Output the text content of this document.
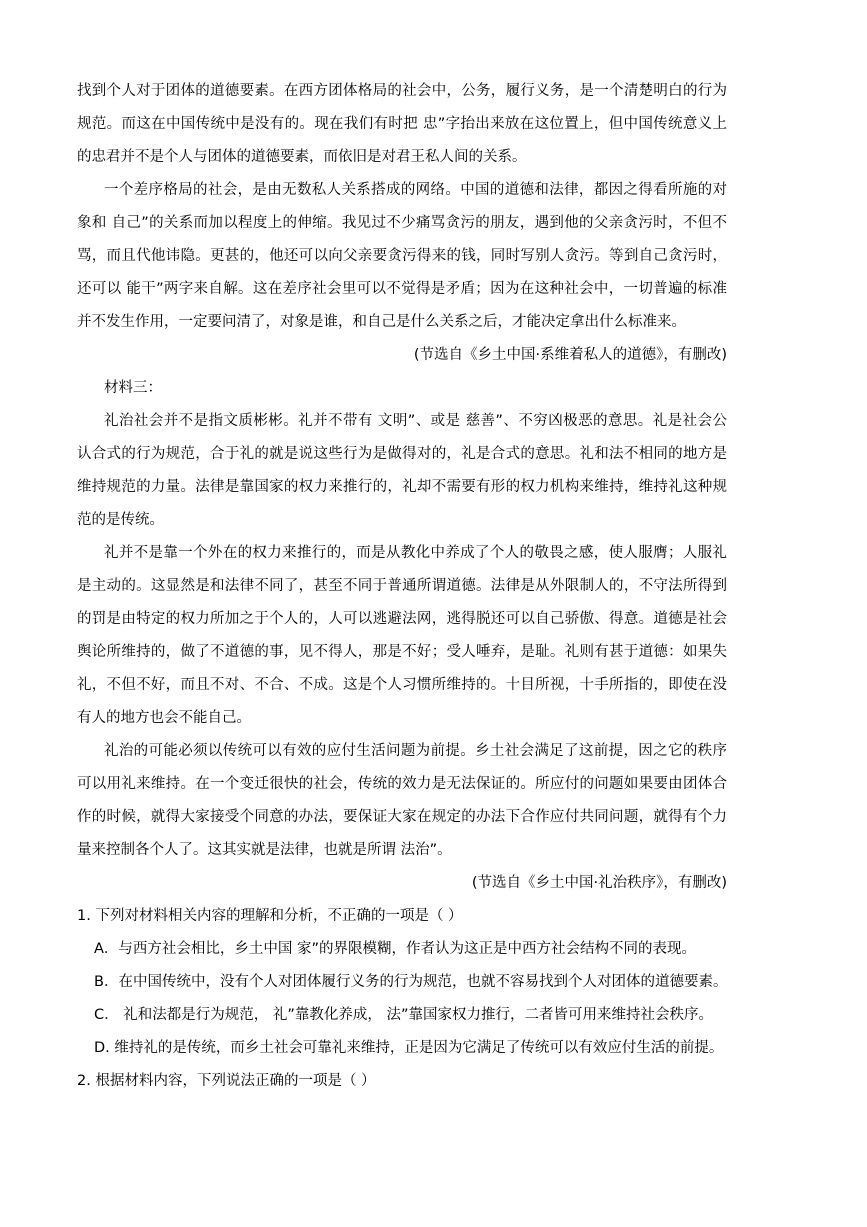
找到个人对于团体的道德要素。在西方团体格局的社会中，公务，履行义务，是一个清楚明白的行为
规范。而这在中国传统中是没有的。现在我们有时把 忠”字抬出来放在这位置上，但中国传统意义上
的忠君并不是个人与团体的道德要素，而依旧是对君王私人间的关系。
一个差序格局的社会，是由无数私人关系搭成的网络。中国的道德和法律，都因之得看所施的对
象和 自己”的关系而加以程度上的伸缩。我见过不少痛骂贪污的朋友，遇到他的父亲贪污时，不但不
骂，而且代他讳隐。更甚的，他还可以向父亲要贪污得来的钱，同时写别人贪污。等到自己贪污时，
还可以 能干”两字来自解。这在差序社会里可以不觉得是矛盾；因为在这种社会中，一切普遍的标准
并不发生作用，一定要问清了，对象是谁，和自己是什么关系之后，才能决定拿出什么标准来。
(节选自《乡土中国·系维着私人的道德》，有删改)
材料三：
礼治社会并不是指文质彬彬。礼并不带有 文明”、或是 慈善”、不穷凶极恶的意思。礼是社会公
认合式的行为规范，合于礼的就是说这些行为是做得对的，礼是合式的意思。礼和法不相同的地方是
维持规范的力量。法律是靠国家的权力来推行的，礼却不需要有形的权力机构来维持，维持礼这种规
范的是传统。
礼并不是靠一个外在的权力来推行的，而是从教化中养成了个人的敬畏之感，使人服膺；人服礼
是主动的。这显然是和法律不同了，甚至不同于普通所谓道德。法律是从外限制人的，不守法所得到
的罚是由特定的权力所加之于个人的，人可以逃避法网，逃得脱还可以自己骄傲、得意。道德是社会
舆论所维持的，做了不道德的事，见不得人，那是不好；受人唾弃，是耻。礼则有甚于道德：如果失
礼，不但不好，而且不对、不合、不成。这是个人习惯所维持的。十目所视，十手所指的，即使在没
有人的地方也会不能自己。
礼治的可能必须以传统可以有效的应付生活问题为前提。乡土社会满足了这前提，因之它的秩序
可以用礼来维持。在一个变迁很快的社会，传统的效力是无法保证的。所应付的问题如果要由团体合
作的时候，就得大家接受个同意的办法，要保证大家在规定的办法下合作应付共同问题，就得有个力
量来控制各个人了。这其实就是法律，也就是所谓 法治”。
(节选自《乡土中国·礼治秩序》，有删改)
1. 下列对材料相关内容的理解和分析，不正确的一项是（ ）
A．与西方社会相比，乡土中国 家”的界限模糊，作者认为这正是中西方社会结构不同的表现。
B．在中国传统中，没有个人对团体履行义务的行为规范，也就不容易找到个人对团体的道德要素。
C． 礼和法都是行为规范， 礼”靠教化养成， 法”靠国家权力推行，二者皆可用来维持社会秩序。
D. 维持礼的是传统，而乡土社会可靠礼来维持，正是因为它满足了传统可以有效应付生活的前提。
2. 根据材料内容，下列说法正确的一项是（ ）
